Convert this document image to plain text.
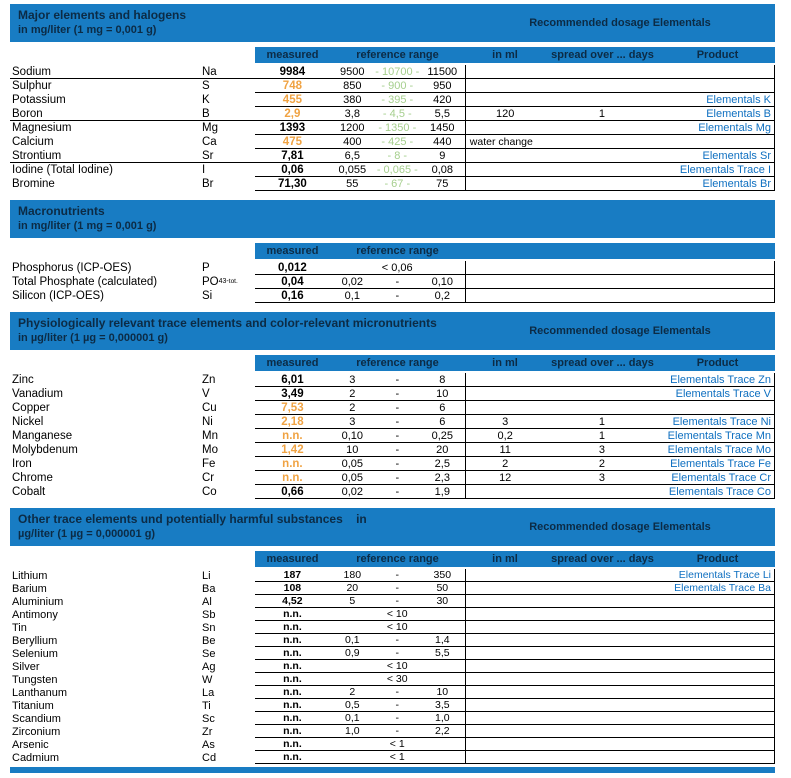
Major elements and halogens
in mg/liter (1 mg = 0,001 g)
Recommended dosage Elementals
measured	reference range	in ml	spread over ... days	Product
Sodium	Na	9984	9500 - 10700 - 11500
Sulphur	S	748	850	- 900 -	950
Potassium	K	455	380	- 395 -	420	Elementals K
Boron	B	2,9	3,8	- 4,5 -	5,5	120	1	Elementals B
Magnesium	Mg	1393	1200	- 1350 -	1450	Elementals Mg
Calcium	Ca	475	400	- 425 -	440	water change
Strontium	Sr	7,81	6,5	- 8 -	9	Elementals Sr
Iodine (Total Iodine)	I	0,06	0,055 - 0,065 -	0,08	Elementals Trace I
Bromine	Br	71,30	55	- 67 -	75	Elementals Br
Macronutrients
in mg/liter (1 mg = 0,001 g)
measured	reference range
Phosphorus (ICP-OES)	P	0,012	< 0,06
Total Phosphate (calculated)	PO 4 3- tot.	0,04	0,02	-	0,10
Silicon (ICP-OES)	Si	0,16	0,1	-	0,2
Physiologically relevant trace elements and color-relevant micronutrients
in µg/liter (1 µg = 0,000001 g)
Recommended dosage Elementals
measured	reference range	in ml	spread over ... days	Product
Zinc	Zn	6,01	3	-	8	Elementals Trace Zn
Vanadium	V	3,49	2	-	10	Elementals Trace V
Copper	Cu	7,53	2	-	6
Nickel	Ni	2,18	3	-	6	3	1	Elementals Trace Ni
Manganese	Mn	n.n.	0,10	-	0,25	0,2	1	Elementals Trace Mn
Molybdenum	Mo	1,42	10	-	20	11	3	Elementals Trace Mo
Iron	Fe	n.n.	0,05	-	2,5	2	2	Elementals Trace Fe
Chrome	Cr	n.n.	0,05	-	2,3	12	3	Elementals Trace Cr
Cobalt	Co	0,66	0,02	-	1,9	Elementals Trace Co
Other trace elements und potentially harmful substances    in
µg/liter (1 µg = 0,000001 g)
Recommended dosage Elementals
measured	reference range	in ml	spread over ... days	Product
Lithium	Li	187	180	-	350	Elementals Trace Li
Barium	Ba	108	20	-	50	Elementals Trace Ba
Aluminium	Al	4,52	5	-	30
Antimony	Sb	n.n.	< 10
Tin	Sn	n.n.	< 10
Beryllium	Be	n.n.	0,1	-	1,4
Selenium	Se	n.n.	0,9	-	5,5
Silver	Ag	n.n.	< 10
Tungsten	W	n.n.	< 30
Lanthanum	La	n.n.	2	-	10
Titanium	Ti	n.n.	0,5	-	3,5
Scandium	Sc	n.n.	0,1	-	1,0
Zirconium	Zr	n.n.	1,0	-	2,2
Arsenic	As	n.n.	< 1
Cadmium	Cd	n.n.	< 1
